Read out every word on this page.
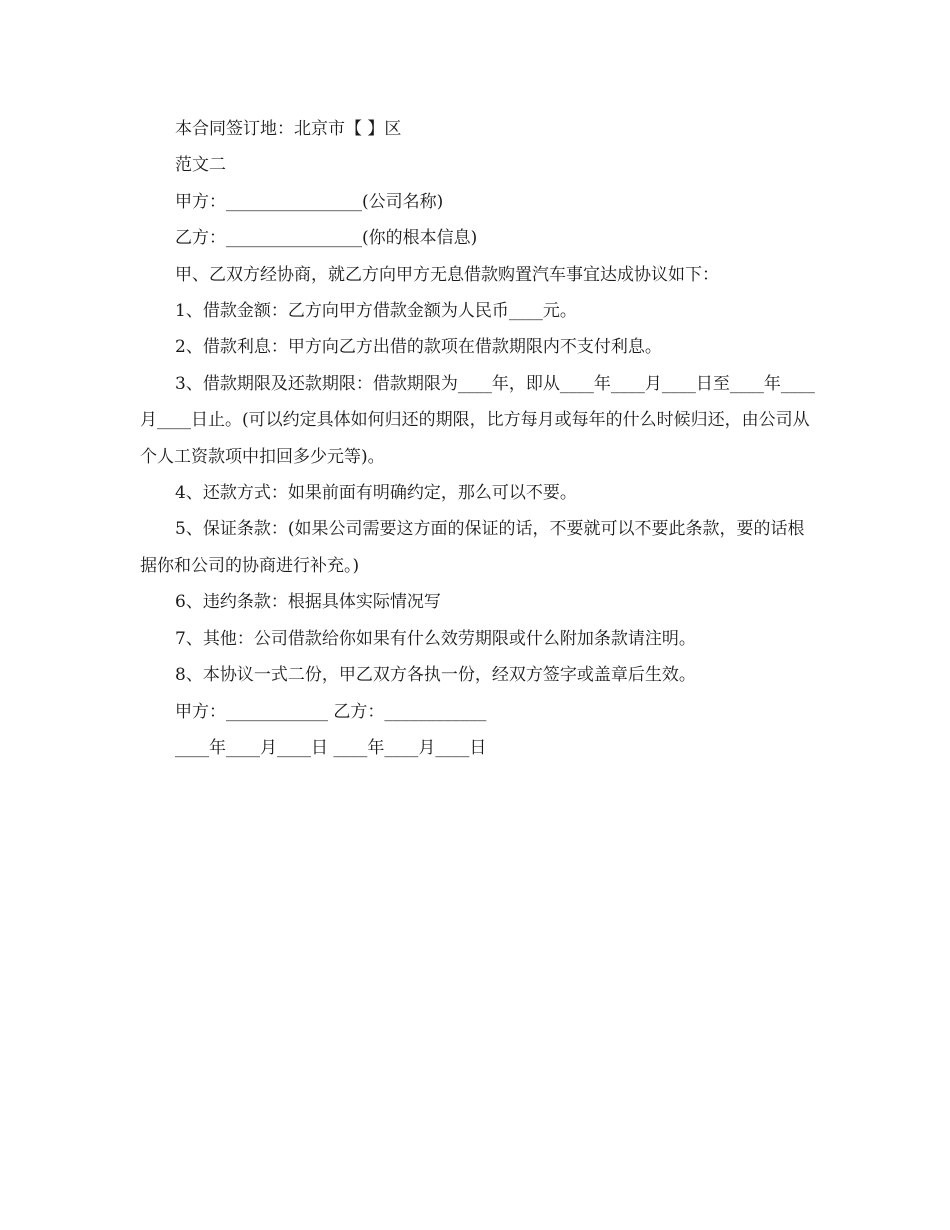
本合同签订地：北京市【 】区

范文二

甲方：________________(公司名称)

乙方：________________(你的根本信息)

甲、乙双方经协商，就乙方向甲方无息借款购置汽车事宜达成协议如下：

1、借款金额：乙方向甲方借款金额为人民币____元。

2、借款利息：甲方向乙方出借的款项在借款期限内不支付利息。

3、借款期限及还款期限：借款期限为____年，即从____年____月____日至____年____月____日止。(可以约定具体如何归还的期限，比方每月或每年的什么时候归还，由公司从个人工资款项中扣回多少元等)。

4、还款方式：如果前面有明确约定，那么可以不要。

5、保证条款：(如果公司需要这方面的保证的话，不要就可以不要此条款，要的话根据你和公司的协商进行补充。)

6、违约条款：根据具体实际情况写

7、其他：公司借款给你如果有什么效劳期限或什么附加条款请注明。

8、本协议一式二份，甲乙双方各执一份，经双方签字或盖章后生效。

甲方：____________ 乙方：____________

____年____月____日 ____年____月____日
